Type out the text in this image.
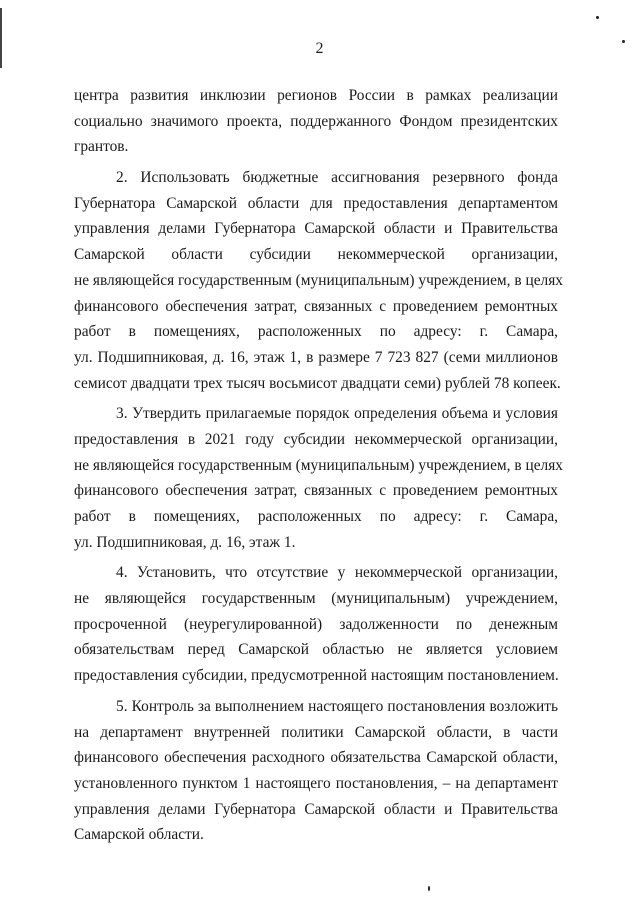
2
центра развития инклюзии регионов России в рамках реализации
социально значимого проекта, поддержанного Фондом президентских
грантов.
2. Использовать бюджетные ассигнования резервного фонда
Губернатора Самарской области для предоставления департаментом
управления делами Губернатора Самарской области и Правительства
Самарской области субсидии некоммерческой организации,
не являющейся государственным (муниципальным) учреждением, в целях
финансового обеспечения затрат, связанных с проведением ремонтных
работ в помещениях, расположенных по адресу: г. Самара,
ул. Подшипниковая, д. 16, этаж 1, в размере 7 723 827 (семи миллионов
семисот двадцати трех тысяч восьмисот двадцати семи) рублей 78 копеек.
3. Утвердить прилагаемые порядок определения объема и условия
предоставления в 2021 году субсидии некоммерческой организации,
не являющейся государственным (муниципальным) учреждением, в целях
финансового обеспечения затрат, связанных с проведением ремонтных
работ в помещениях, расположенных по адресу: г. Самара,
ул. Подшипниковая, д. 16, этаж 1.
4. Установить, что отсутствие у некоммерческой организации,
не являющейся государственным (муниципальным) учреждением,
просроченной (неурегулированной) задолженности по денежным
обязательствам перед Самарской областью не является условием
предоставления субсидии, предусмотренной настоящим постановлением.
5. Контроль за выполнением настоящего постановления возложить
на департамент внутренней политики Самарской области, в части
финансового обеспечения расходного обязательства Самарской области,
установленного пунктом 1 настоящего постановления, – на департамент
управления делами Губернатора Самарской области и Правительства
Самарской области.
